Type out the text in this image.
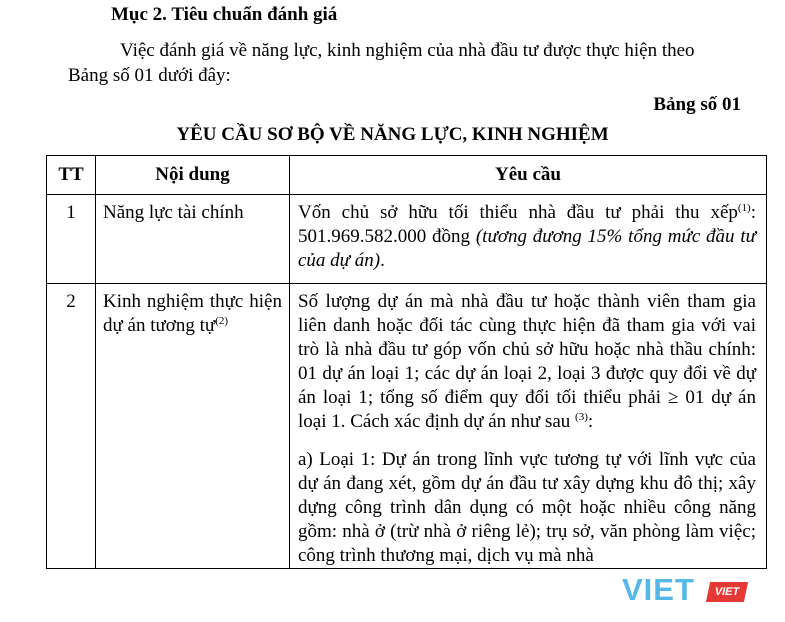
Mục 2. Tiêu chuẩn đánh giá
Việc đánh giá về năng lực, kinh nghiệm của nhà đầu tư được thực hiện theo
Bảng số 01 dưới đây:
Bảng số 01
YÊU CẦU SƠ BỘ VỀ NĂNG LỰC, KINH NGHIỆM
TT	Nội dung	Yêu cầu
1	Năng lực tài chính	Vốn chủ sở hữu tối thiểu nhà đầu tư phải thu xếp$^{(1)}$: 501.969.582.000 đồng (tương đương 15% tổng mức đầu tư của dự án).

2	Kinh nghiệm thực hiện dự án tương tự$^{(2)}$	Số lượng dự án mà nhà đầu tư hoặc thành viên tham gia liên danh hoặc đối tác cùng thực hiện đã tham gia với vai trò là nhà đầu tư góp vốn chủ sở hữu hoặc nhà thầu chính: 01 dự án loại 1; các dự án loại 2, loại 3 được quy đổi về dự án loại 1; tổng số điểm quy đổi tối thiểu phải ≥ 01 dự án loại 1. Cách xác định dự án như sau $^{(3)}$:

a) Loại 1: Dự án trong lĩnh vực tương tự với lĩnh vực của dự án đang xét, gồm dự án đầu tư xây dựng khu đô thị; xây dựng công trình dân dụng có một hoặc nhiều công năng gồm: nhà ở (trừ nhà ở riêng lẻ); trụ sở, văn phòng làm việc; công trình thương mại, dịch vụ mà nhà

VIET	VIET
